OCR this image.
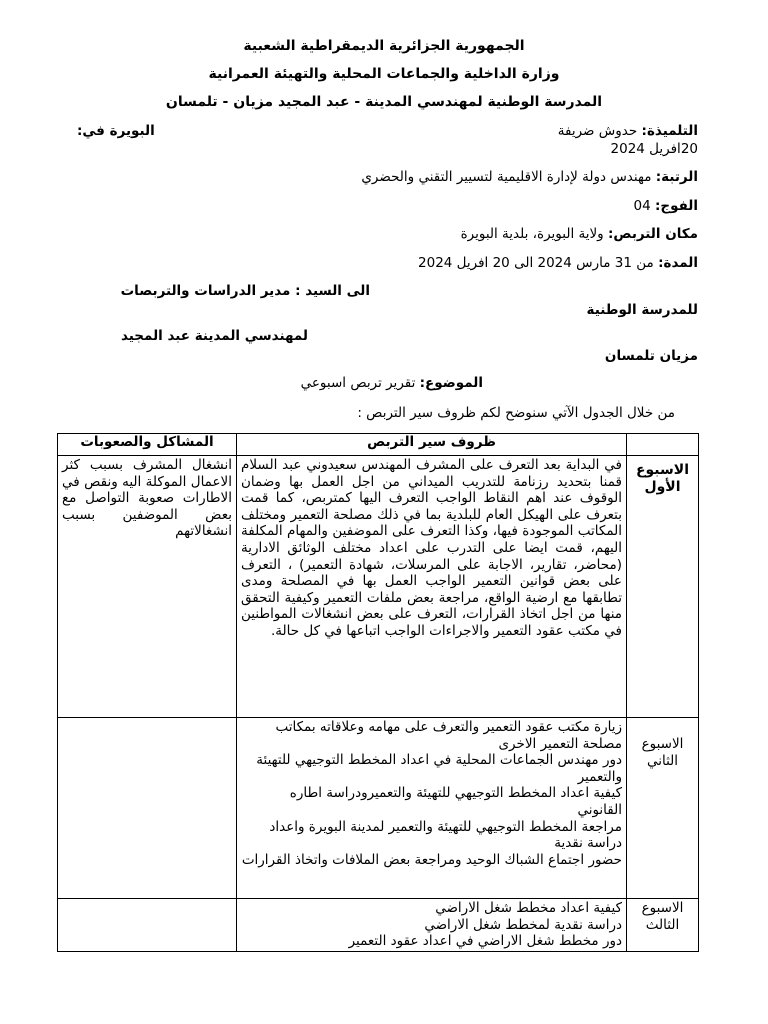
الجمهورية الجزائرية الديمقراطية الشعبية
وزارة الداخلية والجماعات المحلية والتهيئة العمرانية
المدرسة الوطنية لمهندسي المدينة - عبد المجيد مزيان - تلمسان
التلميذة: حدوش ضريفة
البويرة في:
20افريل 2024
الرتبة: مهندس دولة لإدارة الاقليمية لتسيير التقني والحضري
الفوج: 04
مكان التربص: ولاية البويرة، بلدية البويرة
المدة: من 31 مارس 2024 الى 20 افريل 2024
الى السيد : مدير الدراسات والتربصات
للمدرسة الوطنية
لمهندسي المدينة عبد المجيد
مزيان تلمسان
الموضوع: تقرير تربص اسبوعي
من خلال الجدول الآتي سنوضح لكم ظروف سير التربص :
	ظروف سير التربص	المشاكل والصعوبات
الاسبوع الأول	في البداية بعد التعرف على المشرف المهندس سعيدوني عبد السلام قمنا بتحديد رزنامة للتدريب الميداني من اجل العمل بها وضمان الوقوف عند اهم النقاط الواجب التعرف اليها كمتربص، كما قمت بتعرف على الهيكل العام للبلدية بما في ذلك مصلحة التعمير ومختلف المكاتب الموجودة فيها، وكذا التعرف على الموضفين والمهام المكلفة اليهم، قمت ايضا على التدرب على اعداد مختلف الوثائق الادارية (محاضر، تقارير، الاجابة على المرسلات، شهادة التعمير) ، التعرف على بعض قوانين التعمير الواجب العمل بها في المصلحة ومدى تطابقها مع ارضية الواقع، مراجعة بعض ملفات التعمير وكيفية التحقق منها من اجل اتخاذ القرارات، التعرف على بعض انشغالات المواطنين في مكتب عقود التعمير والاجراءات الواجب اتباعها في كل حالة.	انشغال المشرف بسبب كثر الاعمال الموكلة اليه ونقص في الاطارات صعوبة التواصل مع بعض الموضفين بسبب انشغالاتهم
الاسبوع الثاني	زيارة مكتب عقود التعمير والتعرف على مهامه وعلاقاته بمكاتب مصلحة التعمير الاخرى
دور مهندس الجماعات المحلية في اعداد المخطط التوجيهي للتهيئة والتعمير
كيفية اعداد المخطط التوجيهي للتهيئة والتعميرودراسة اطاره القانوني
مراجعة المخطط التوجيهي للتهيئة والتعمير لمدينة البويرة واعداد دراسة نقدية
حضور اجتماع الشباك الوحيد ومراجعة بعض الملافات واتخاذ القرارات	

الاسبوع الثالث	كيفية اعداد مخطط شغل الاراضي
دراسة نقدية لمخطط شغل الاراضي
دور مخطط شغل الاراضي في اعداد عقود التعمير	
